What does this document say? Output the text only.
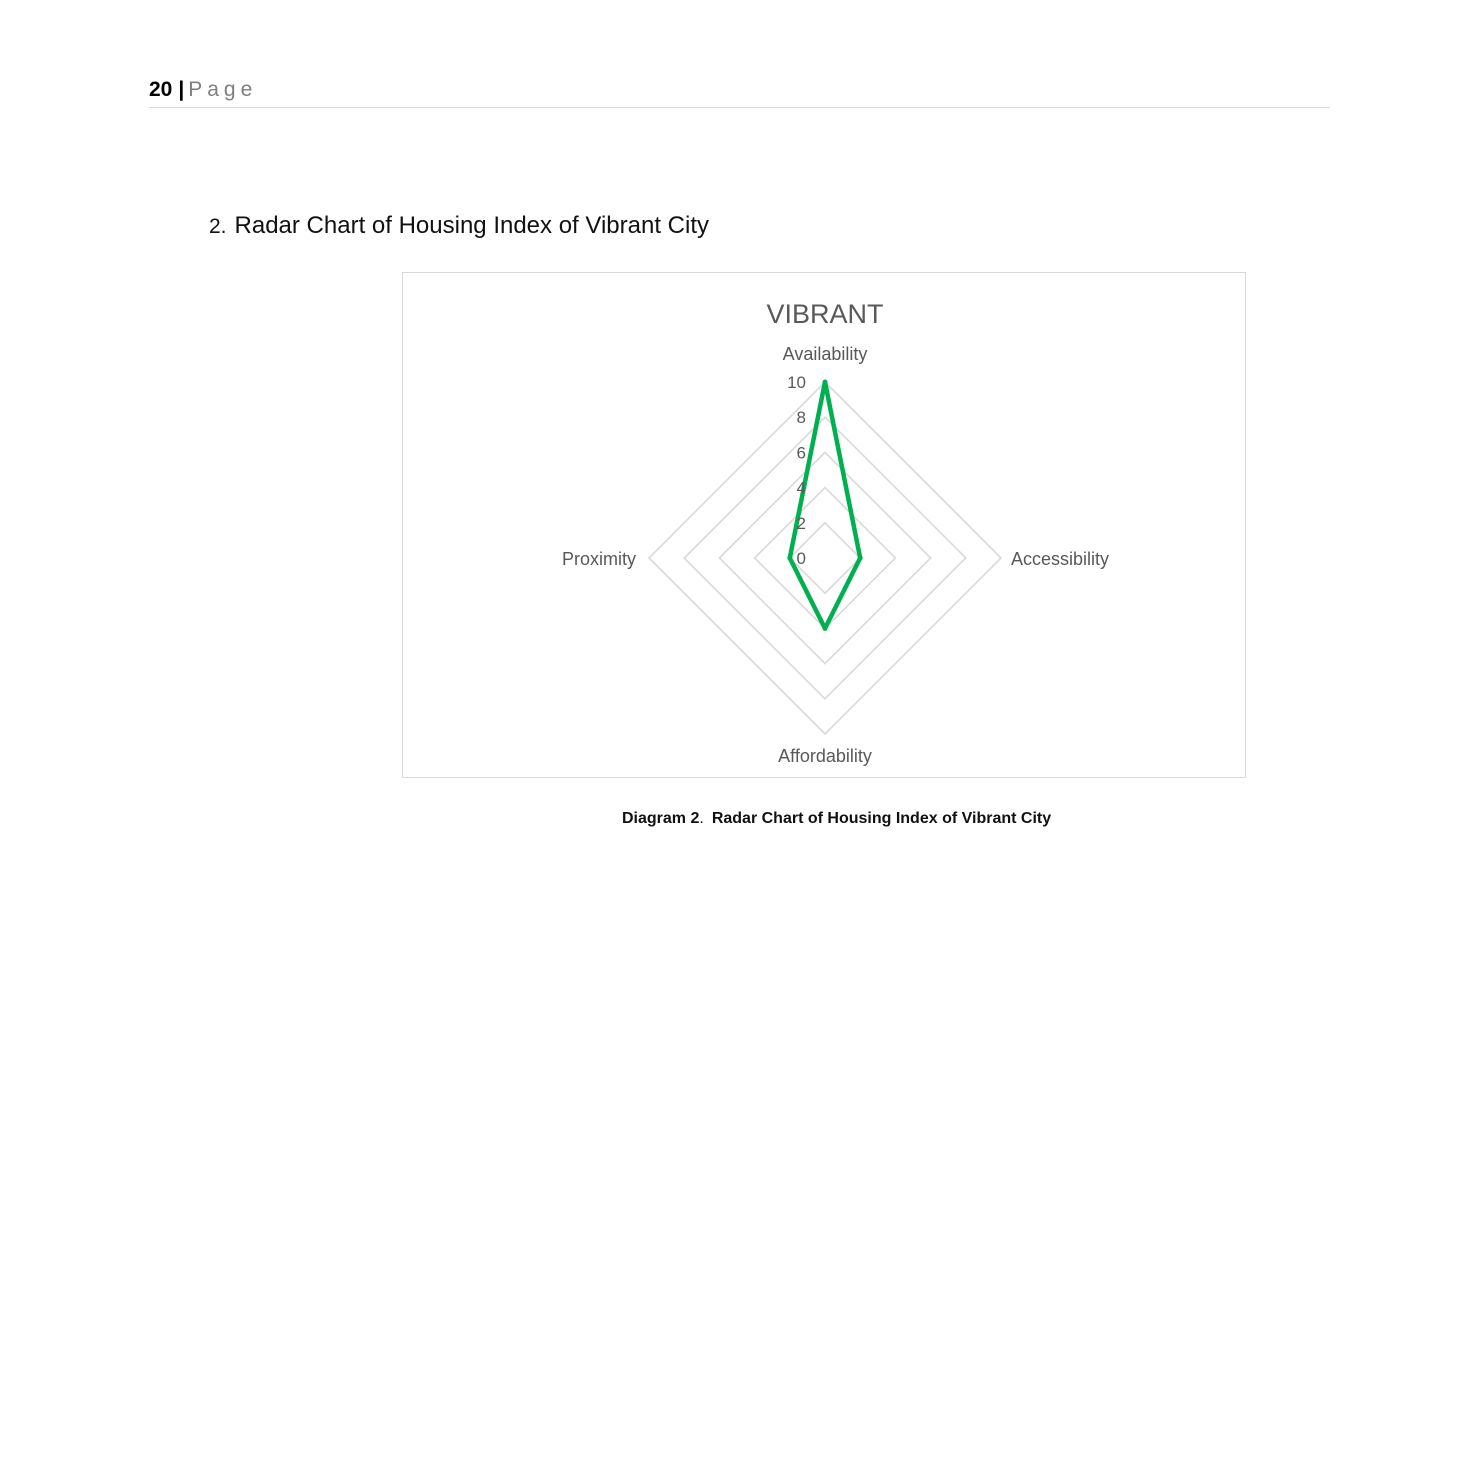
20 | Page
2. Radar Chart of Housing Index of Vibrant City
VIBRANT
Availability
Accessibility
Affordability
Proximity	0
2
4
6
8
10
Diagram 2. Radar Chart of Housing Index of Vibrant City
